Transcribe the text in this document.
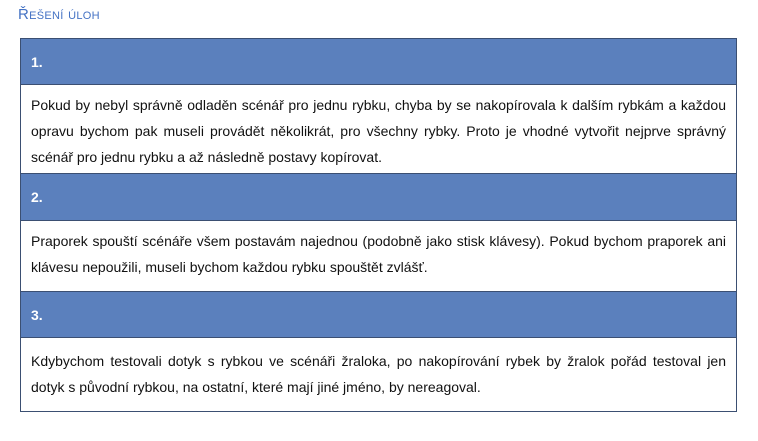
Řešení úloh
1.
Pokud by nebyl správně odladěn scénář pro jednu rybku, chyba by se nakopírovala k dalším rybkám a každou opravu bychom pak museli provádět několikrát, pro všechny rybky. Proto je vhodné vytvořit nejprve správný scénář pro jednu rybku a až následně postavy kopírovat.
2.
Praporek spouští scénáře všem postavám najednou (podobně jako stisk klávesy). Pokud bychom praporek ani klávesu nepoužili, museli bychom každou rybku spouštět zvlášť.
3.
Kdybychom testovali dotyk s rybkou ve scénáři žraloka, po nakopírování rybek by žralok pořád testoval jen dotyk s původní rybkou, na ostatní, které mají jiné jméno, by nereagoval.
